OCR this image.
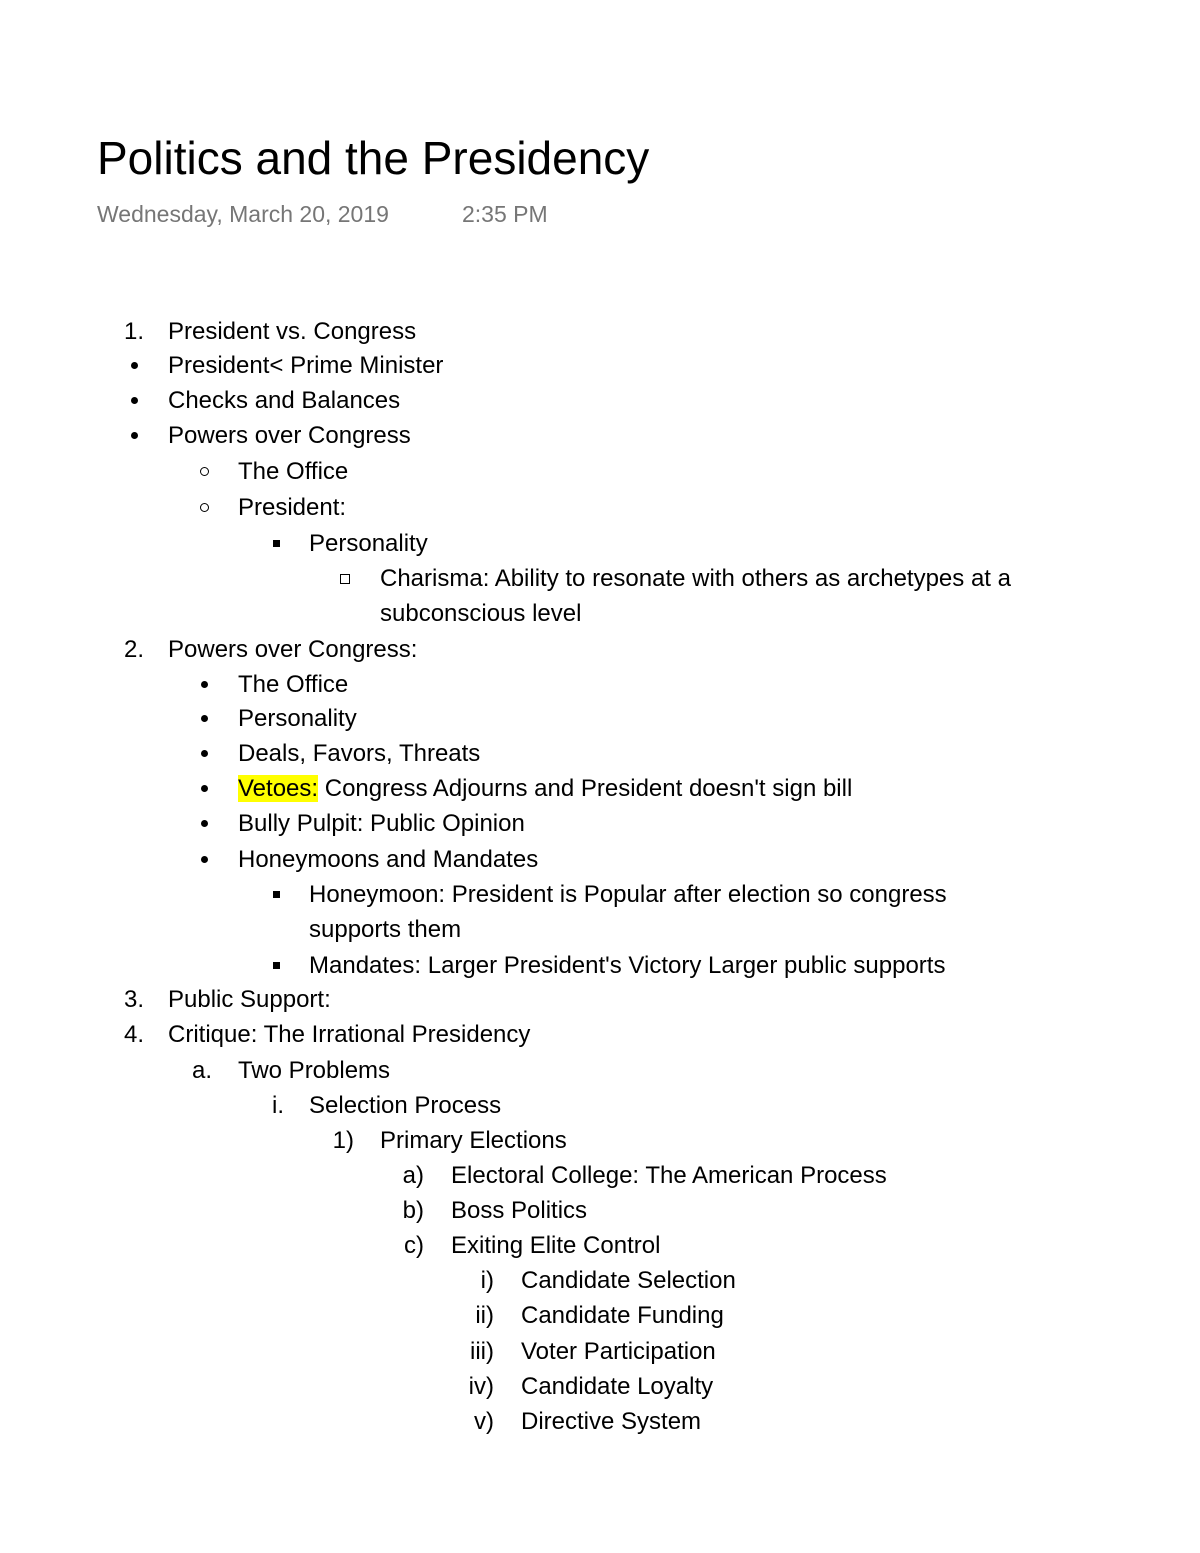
Politics and the Presidency
Wednesday, March 20, 2019	2:35 PM
1. President vs. Congress
President< Prime Minister
Checks and Balances
Powers over Congress
The Office
President:
Personality
Charisma: Ability to resonate with others as archetypes at a
subconscious level
2. Powers over Congress:
The Office
Personality
Deals, Favors, Threats
Vetoes: Congress Adjourns and President doesn't sign bill
Bully Pulpit: Public Opinion
Honeymoons and Mandates
Honeymoon: President is Popular after election so congress
supports them
Mandates: Larger President's Victory Larger public supports
3. Public Support:
4. Critique: The Irrational Presidency
a. Two Problems
i. Selection Process
1) Primary Elections
a) Electoral College: The American Process
b) Boss Politics
c) Exiting Elite Control
i) Candidate Selection
ii) Candidate Funding
iii) Voter Participation
iv) Candidate Loyalty
v) Directive System
